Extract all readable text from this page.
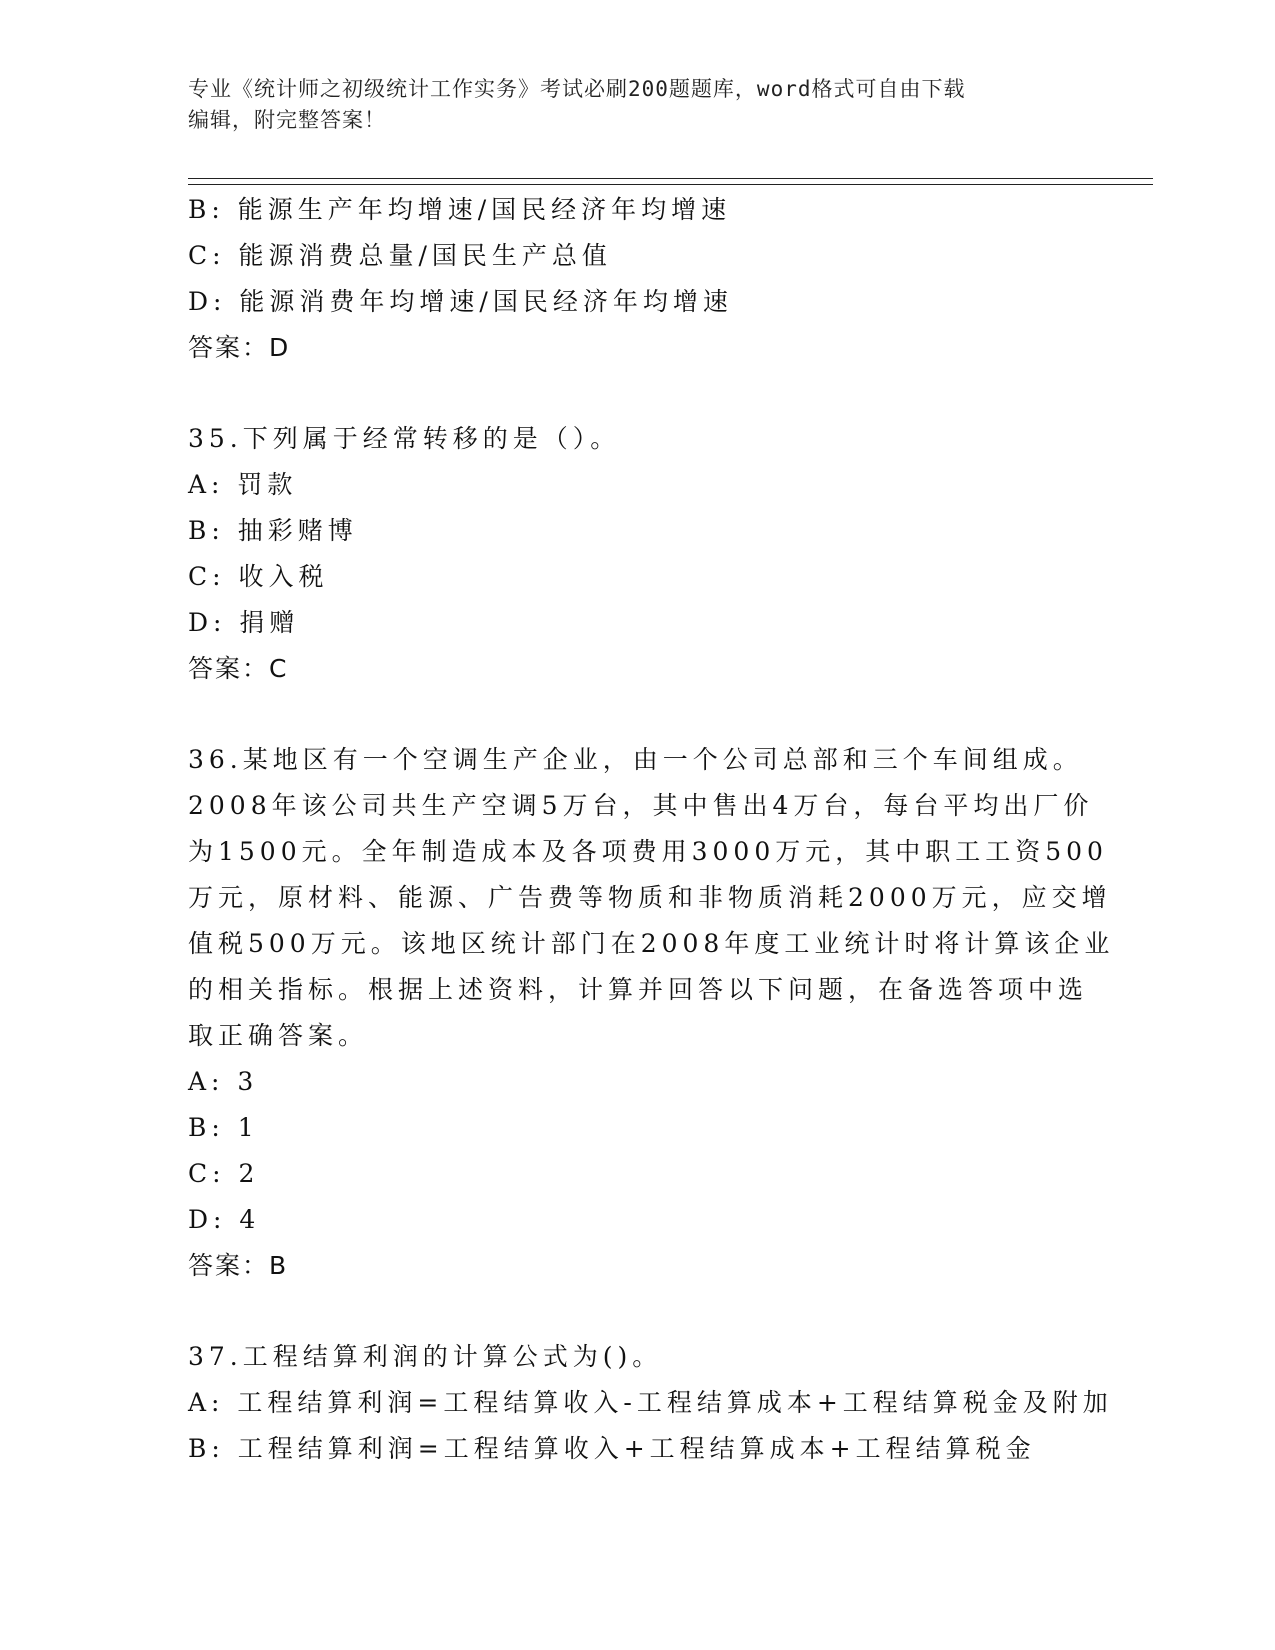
专业《统计师之初级统计工作实务》考试必刷200题题库，word格式可自由下载
编辑，附完整答案！
B: 能源生产年均增速/国民经济年均增速
C: 能源消费总量/国民生产总值
D: 能源消费年均增速/国民经济年均增速
答案：D
35.下列属于经常转移的是（）。
A: 罚款
B: 抽彩赌博
C: 收入税
D: 捐赠
答案：C
36.某地区有一个空调生产企业，由一个公司总部和三个车间组成。
2008年该公司共生产空调5万台，其中售出4万台，每台平均出厂价
为1500元。全年制造成本及各项费用3000万元，其中职工工资500
万元，原材料、能源、广告费等物质和非物质消耗2000万元，应交增
值税500万元。该地区统计部门在2008年度工业统计时将计算该企业
的相关指标。根据上述资料，计算并回答以下问题，在备选答项中选
取正确答案。
A: 3
B: 1
C: 2
D: 4
答案：B
37.工程结算利润的计算公式为()。
A: 工程结算利润=工程结算收入-工程结算成本+工程结算税金及附加
B: 工程结算利润=工程结算收入+工程结算成本+工程结算税金
